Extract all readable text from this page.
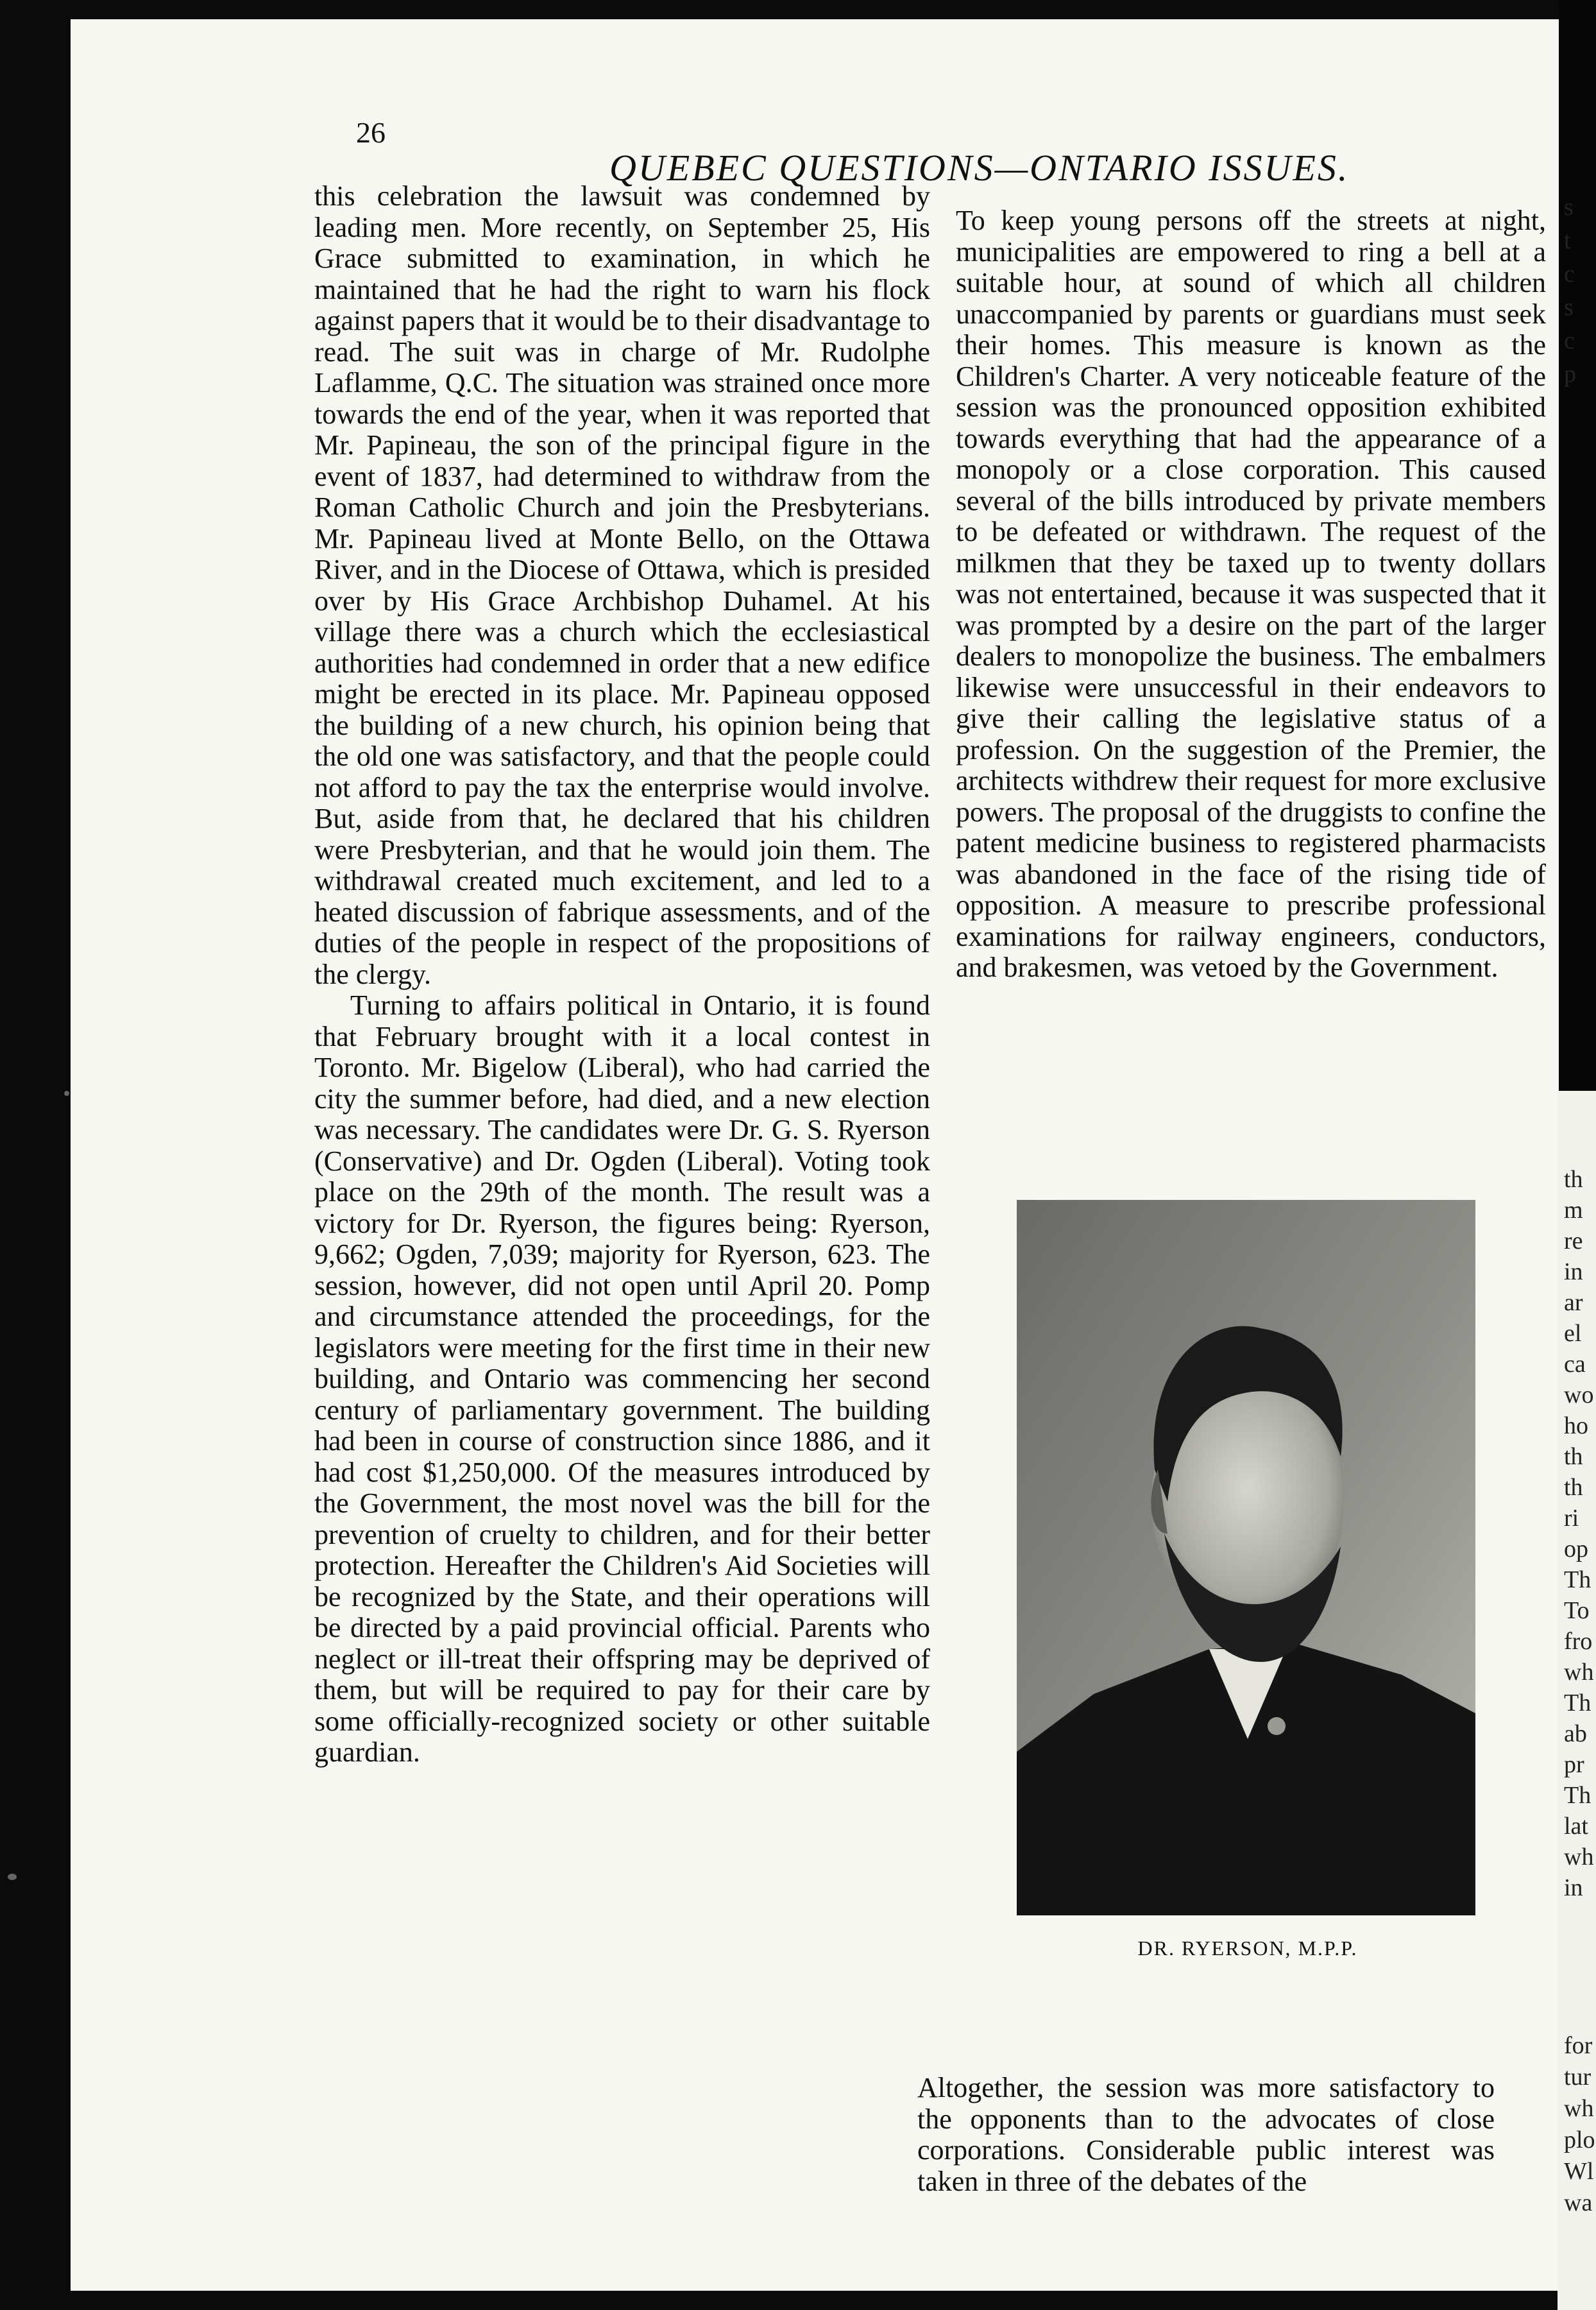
26
QUEBEC QUESTIONS—ONTARIO ISSUES.

this celebration the lawsuit was condemned by leading men. More recently, on September 25, His Grace submitted to examination, in which he maintained that he had the right to warn his flock against papers that it would be to their disadvantage to read. The suit was in charge of Mr. Rudolphe Laflamme, Q.C. The situation was strained once more towards the end of the year, when it was reported that Mr. Papineau, the son of the principal figure in the event of 1837, had determined to withdraw from the Roman Catholic Church and join the Presbyterians. Mr. Papineau lived at Monte Bello, on the Ottawa River, and in the Diocese of Ottawa, which is presided over by His Grace Archbishop Duhamel. At his village there was a church which the ecclesiastical authorities had condemned in order that a new edifice might be erected in its place. Mr. Papineau opposed the building of a new church, his opinion being that the old one was satisfactory, and that the people could not afford to pay the tax the enterprise would involve. But, aside from that, he declared that his children were Presbyterian, and that he would join them. The withdrawal created much excitement, and led to a heated discussion of fabrique assessments, and of the duties of the people in respect of the propositions of the clergy.

Turning to affairs political in Ontario, it is found that February brought with it a local contest in Toronto. Mr. Bigelow (Liberal), who had carried the city the summer before, had died, and a new election was necessary. The candidates were Dr. G. S. Ryerson (Conservative) and Dr. Ogden (Liberal). Voting took place on the 29th of the month. The result was a victory for Dr. Ryerson, the figures being: Ryerson, 9,662; Ogden, 7,039; majority for Ryerson, 623. The session, however, did not open until April 20. Pomp and circumstance attended the proceedings, for the legislators were meeting for the first time in their new building, and Ontario was commencing her second century of parliamentary government. The building had been in course of construction since 1886, and it had cost $1,250,000. Of the measures introduced by the Government, the most novel was the bill for the prevention of cruelty to children, and for their better protection. Hereafter the Children's Aid Societies will be recognized by the State, and their operations will be directed by a paid provincial official. Parents who neglect or ill-treat their offspring may be deprived of them, but will be required to pay for their care by some officially-recognized society or other suitable guardian.

To keep young persons off the streets at night, municipalities are empowered to ring a bell at a suitable hour, at sound of which all children unaccompanied by parents or guardians must seek their homes. This measure is known as the Children's Charter. A very noticeable feature of the session was the pronounced opposition exhibited towards everything that had the appearance of a monopoly or a close corporation. This caused several of the bills introduced by private members to be defeated or withdrawn. The request of the milkmen that they be taxed up to twenty dollars was not entertained, because it was suspected that it was prompted by a desire on the part of the larger dealers to monopolize the business. The embalmers likewise were unsuccessful in their endeavors to give their calling the legislative status of a profession. On the suggestion of the Premier, the architects withdrew their request for more exclusive powers. The proposal of the druggists to confine the patent medicine business to registered pharmacists was abandoned in the face of the rising tide of opposition. A measure to prescribe professional examinations for railway engineers, conductors, and brakesmen, was vetoed by the Government.

DR. RYERSON, M.P.P.

Altogether, the session was more satisfactory to the opponents than to the advocates of close corporations. Considerable public interest was taken in three of the debates of the

s
t
c
s
c
p
th
m
re
in
ar
el
ca
wo
ho
th
th
ri
op
Th
To
fro
wh
Th
ab
pr
Th
lat
wh
in
for
tur
wh
plo
Wl
wa
